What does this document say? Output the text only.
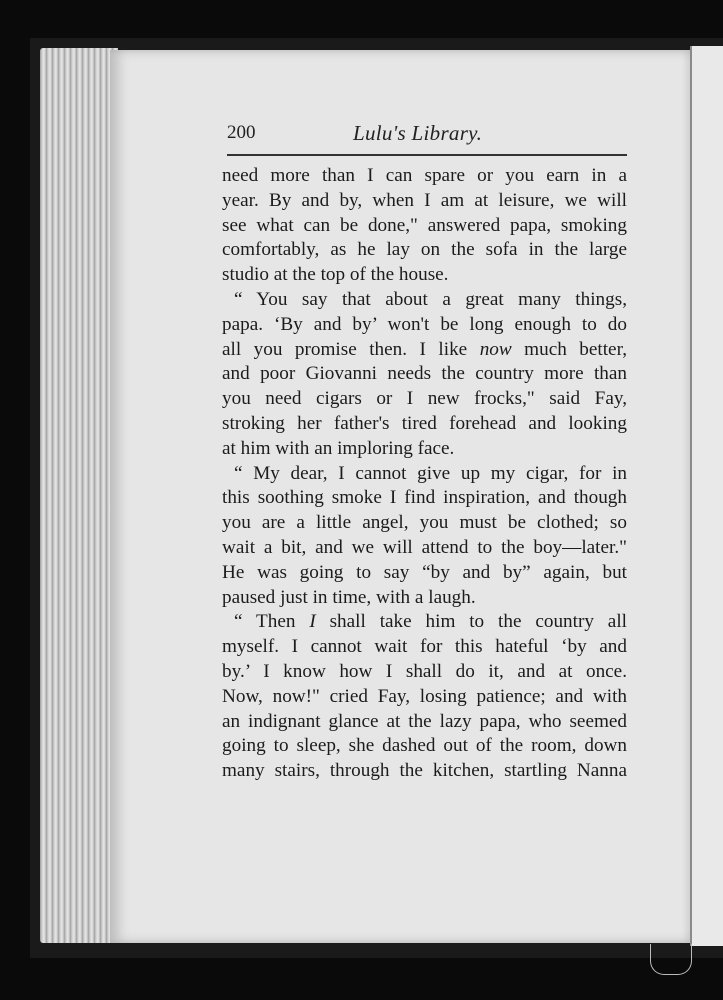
200	Lulu's Library.
need more than I can spare or you earn in a
year. By and by, when I am at leisure, we will
see what can be done," answered papa, smoking
comfortably, as he lay on the sofa in the large
studio at the top of the house.
“ You say that about a great many things,
papa. ‘By and by’ won't be long enough to do
all you promise then. I like now much better,
and poor Giovanni needs the country more than
you need cigars or I new frocks," said Fay,
stroking her father's tired forehead and looking
at him with an imploring face.
“ My dear, I cannot give up my cigar, for in
this soothing smoke I find inspiration, and though
you are a little angel, you must be clothed; so
wait a bit, and we will attend to the boy—later."
He was going to say “by and by” again, but
paused just in time, with a laugh.
“ Then I shall take him to the country all
myself. I cannot wait for this hateful ‘by and
by.’ I know how I shall do it, and at once.
Now, now!" cried Fay, losing patience; and with
an indignant glance at the lazy papa, who seemed
going to sleep, she dashed out of the room, down
many stairs, through the kitchen, startling Nanna
